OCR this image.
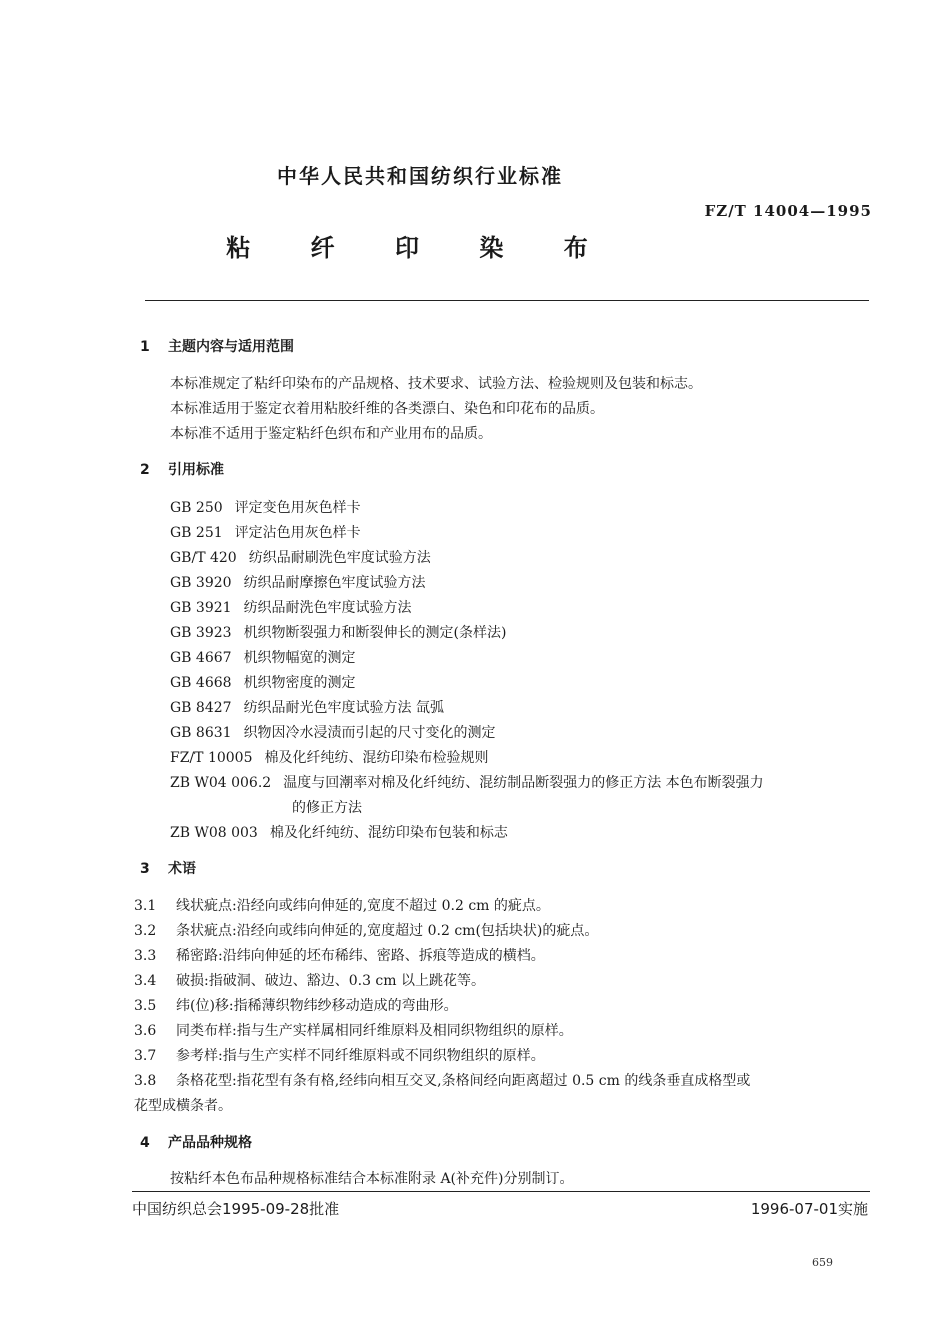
中华人民共和国纺织行业标准
FZ/T 14004—1995
粘 纤 印 染 布
1 主题内容与适用范围
本标准规定了粘纤印染布的产品规格、技术要求、试验方法、检验规则及包装和标志。
本标准适用于鉴定衣着用粘胶纤维的各类漂白、染色和印花布的品质。
本标准不适用于鉴定粘纤色织布和产业用布的品质。
2 引用标准
GB 250 评定变色用灰色样卡
GB 251 评定沾色用灰色样卡
GB/T 420 纺织品耐刷洗色牢度试验方法
GB 3920 纺织品耐摩擦色牢度试验方法
GB 3921 纺织品耐洗色牢度试验方法
GB 3923 机织物断裂强力和断裂伸长的测定(条样法)
GB 4667 机织物幅宽的测定
GB 4668 机织物密度的测定
GB 8427 纺织品耐光色牢度试验方法 氙弧
GB 8631 织物因冷水浸渍而引起的尺寸变化的测定
FZ/T 10005 棉及化纤纯纺、混纺印染布检验规则
ZB W04 006.2 温度与回潮率对棉及化纤纯纺、混纺制品断裂强力的修正方法 本色布断裂强力
的修正方法
ZB W08 003 棉及化纤纯纺、混纺印染布包装和标志
3 术语
3.1 线状疵点:沿经向或纬向伸延的,宽度不超过 0.2 cm 的疵点。
3.2 条状疵点:沿经向或纬向伸延的,宽度超过 0.2 cm(包括块状)的疵点。
3.3 稀密路:沿纬向伸延的坯布稀纬、密路、拆痕等造成的横档。
3.4 破损:指破洞、破边、豁边、0.3 cm 以上跳花等。
3.5 纬(位)移:指稀薄织物纬纱移动造成的弯曲形。
3.6 同类布样:指与生产实样属相同纤维原料及相同织物组织的原样。
3.7 参考样:指与生产实样不同纤维原料或不同织物组织的原样。
3.8 条格花型:指花型有条有格,经纬向相互交叉,条格间经向距离超过 0.5 cm 的线条垂直成格型或
花型成横条者。
4 产品品种规格
按粘纤本色布品种规格标准结合本标准附录 A(补充件)分别制订。
中国纺织总会1995-09-28批准	1996-07-01实施
659
